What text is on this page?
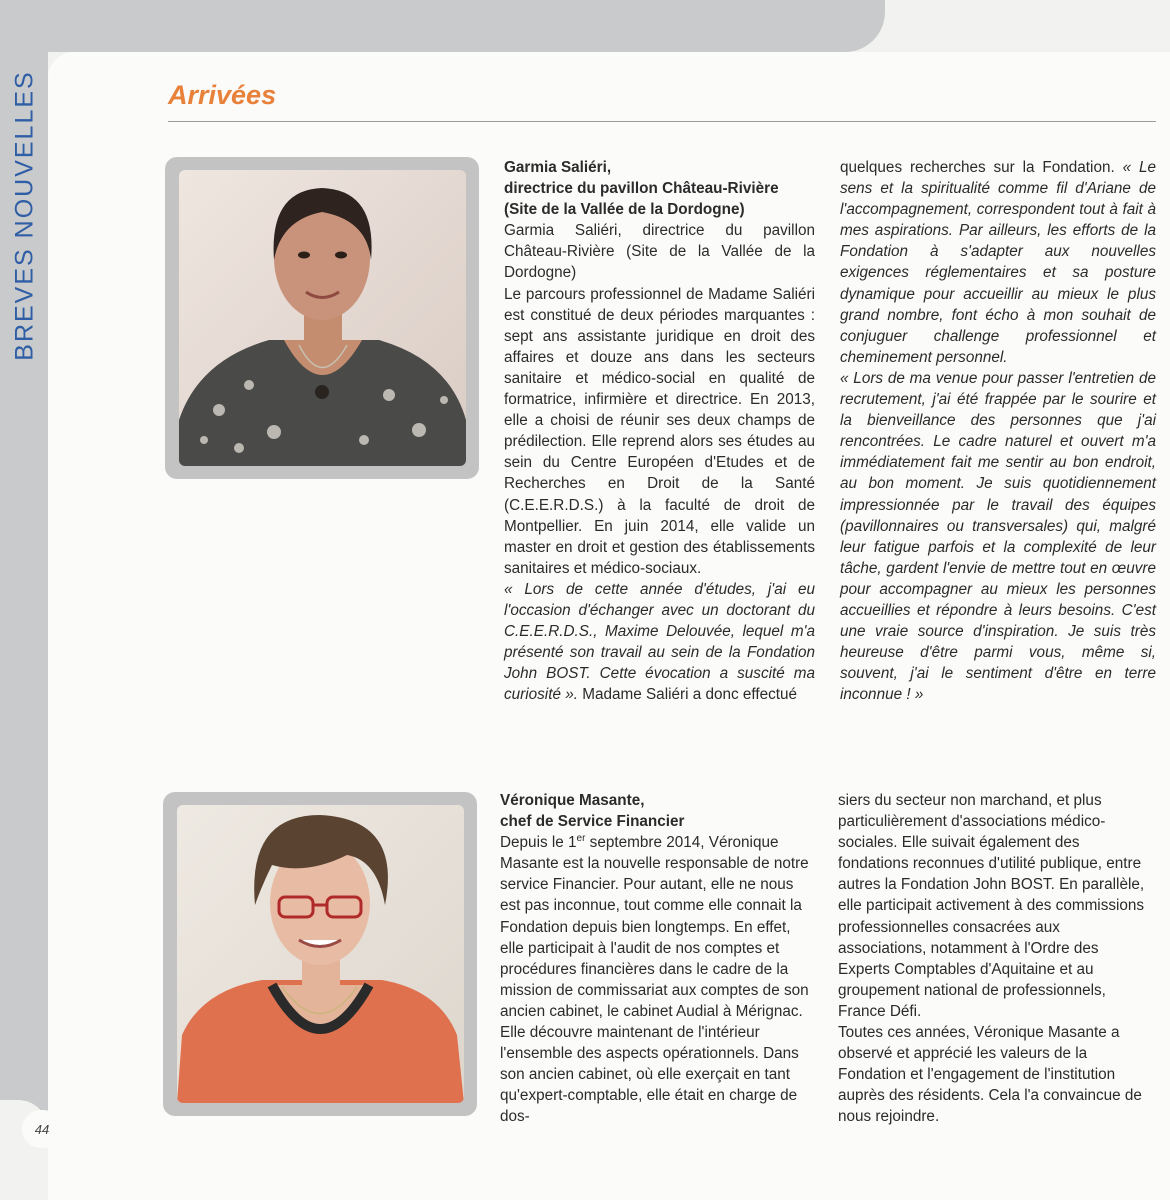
BREVES NOUVELLES
44
Arrivées

Garmia Saliéri,

directrice du pavillon Château-Rivière

(Site de la Vallée de la Dordogne)

Garmia Saliéri, directrice du pavillon Château-Rivière (Site de la Vallée de la Dordogne)

Le parcours professionnel de Madame Saliéri est constitué de deux périodes marquantes : sept ans assistante juridique en droit des affaires et douze ans dans les secteurs sanitaire et médico-social en qualité de formatrice, infirmière et directrice. En 2013, elle a choisi de réunir ses deux champs de prédilection. Elle reprend alors ses études au sein du Centre Européen d'Etudes et de Recherches en Droit de la Santé (C.E.E.R.D.S.) à la faculté de droit de Montpellier. En juin 2014, elle valide un master en droit et gestion des établissements sanitaires et médico-sociaux.

« Lors de cette année d'études, j'ai eu l'occasion d'échanger avec un doctorant du C.E.E.R.D.S., Maxime Delouvée, lequel m'a présenté son travail au sein de la Fondation John BOST. Cette évocation a suscité ma curiosité ». Madame Saliéri a donc effectué

quelques recherches sur la Fondation. « Le sens et la spiritualité comme fil d'Ariane de l'accompagnement, correspondent tout à fait à mes aspirations. Par ailleurs, les efforts de la Fondation à s'adapter aux nouvelles exigences réglementaires et sa posture dynamique pour accueillir au mieux le plus grand nombre, font écho à mon souhait de conjuguer challenge professionnel et cheminement personnel.

« Lors de ma venue pour passer l'entretien de recrutement, j'ai été frappée par le sourire et la bienveillance des personnes que j'ai rencontrées. Le cadre naturel et ouvert m'a immédiatement fait me sentir au bon endroit, au bon moment. Je suis quotidiennement impressionnée par le travail des équipes (pavillonnaires ou transversales) qui, malgré leur fatigue parfois et la complexité de leur tâche, gardent l'envie de mettre tout en œuvre pour accompagner au mieux les personnes accueillies et répondre à leurs besoins. C'est une vraie source d'inspiration. Je suis très heureuse d'être parmi vous, même si, souvent, j'ai le sentiment d'être en terre inconnue ! »

Véronique Masante,

chef de Service Financier

Depuis le 1er septembre 2014, Véronique Masante est la nouvelle responsable de notre service Financier. Pour autant, elle ne nous est pas inconnue, tout comme elle connait la Fondation depuis bien longtemps. En effet, elle participait à l'audit de nos comptes et procédures financières dans le cadre de la mission de commissariat aux comptes de son ancien cabinet, le cabinet Audial à Mérignac. Elle découvre maintenant de l'intérieur l'ensemble des aspects opérationnels. Dans son ancien cabinet, où elle exerçait en tant qu'expert-comptable, elle était en charge de dos-

siers du secteur non marchand, et plus particulièrement d'associations médico-sociales. Elle suivait également des fondations reconnues d'utilité publique, entre autres la Fondation John BOST. En parallèle, elle participait activement à des commissions professionnelles consacrées aux associations, notamment à l'Ordre des Experts Comptables d'Aquitaine et au groupement national de professionnels, France Défi.

Toutes ces années, Véronique Masante a observé et apprécié les valeurs de la Fondation et l'engagement de l'institution auprès des résidents. Cela l'a convaincue de nous rejoindre.
